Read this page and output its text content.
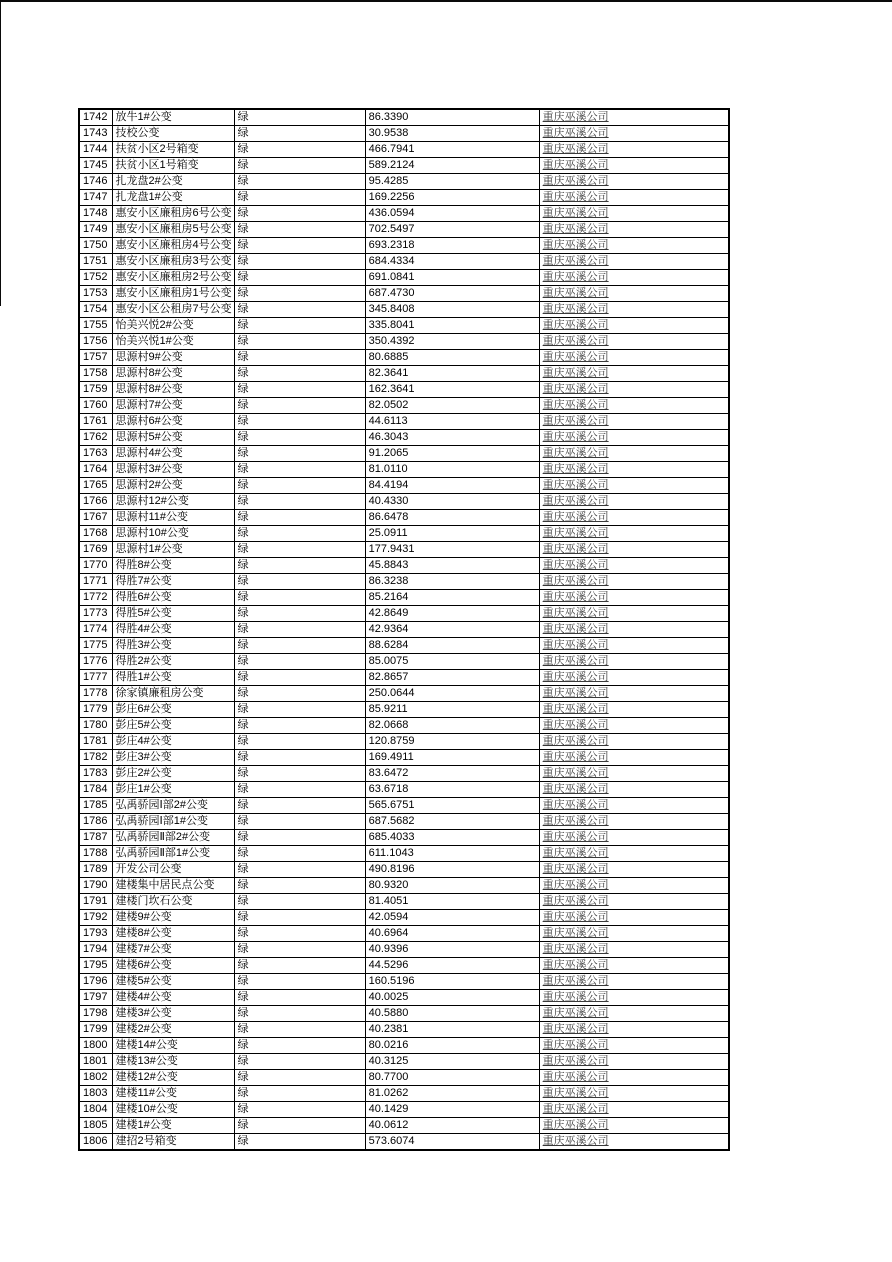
1742	放牛1#公变	绿	86.3390	重庆巫溪公司
1743	技校公变	绿	30.9538	重庆巫溪公司
1744	扶贫小区2号箱变	绿	466.7941	重庆巫溪公司
1745	扶贫小区1号箱变	绿	589.2124	重庆巫溪公司
1746	扎龙盘2#公变	绿	95.4285	重庆巫溪公司
1747	扎龙盘1#公变	绿	169.2256	重庆巫溪公司
1748	惠安小区廉租房6号公变	绿	436.0594	重庆巫溪公司
1749	惠安小区廉租房5号公变	绿	702.5497	重庆巫溪公司
1750	惠安小区廉租房4号公变	绿	693.2318	重庆巫溪公司
1751	惠安小区廉租房3号公变	绿	684.4334	重庆巫溪公司
1752	惠安小区廉租房2号公变	绿	691.0841	重庆巫溪公司
1753	惠安小区廉租房1号公变	绿	687.4730	重庆巫溪公司
1754	惠安小区公租房7号公变	绿	345.8408	重庆巫溪公司
1755	怡美兴悦2#公变	绿	335.8041	重庆巫溪公司
1756	怡美兴悦1#公变	绿	350.4392	重庆巫溪公司
1757	思源村9#公变	绿	80.6885	重庆巫溪公司
1758	思源村8#公变	绿	82.3641	重庆巫溪公司
1759	思源村8#公变	绿	162.3641	重庆巫溪公司
1760	思源村7#公变	绿	82.0502	重庆巫溪公司
1761	思源村6#公变	绿	44.6113	重庆巫溪公司
1762	思源村5#公变	绿	46.3043	重庆巫溪公司
1763	思源村4#公变	绿	91.2065	重庆巫溪公司
1764	思源村3#公变	绿	81.0110	重庆巫溪公司
1765	思源村2#公变	绿	84.4194	重庆巫溪公司
1766	思源村12#公变	绿	40.4330	重庆巫溪公司
1767	思源村11#公变	绿	86.6478	重庆巫溪公司
1768	思源村10#公变	绿	25.0911	重庆巫溪公司
1769	思源村1#公变	绿	177.9431	重庆巫溪公司
1770	得胜8#公变	绿	45.8843	重庆巫溪公司
1771	得胜7#公变	绿	86.3238	重庆巫溪公司
1772	得胜6#公变	绿	85.2164	重庆巫溪公司
1773	得胜5#公变	绿	42.8649	重庆巫溪公司
1774	得胜4#公变	绿	42.9364	重庆巫溪公司
1775	得胜3#公变	绿	88.6284	重庆巫溪公司
1776	得胜2#公变	绿	85.0075	重庆巫溪公司
1777	得胜1#公变	绿	82.8657	重庆巫溪公司
1778	徐家镇廉租房公变	绿	250.0644	重庆巫溪公司
1779	彭庄6#公变	绿	85.9211	重庆巫溪公司
1780	彭庄5#公变	绿	82.0668	重庆巫溪公司
1781	彭庄4#公变	绿	120.8759	重庆巫溪公司
1782	彭庄3#公变	绿	169.4911	重庆巫溪公司
1783	彭庄2#公变	绿	83.6472	重庆巫溪公司
1784	彭庄1#公变	绿	63.6718	重庆巫溪公司
1785	弘禹骄园Ⅰ部2#公变	绿	565.6751	重庆巫溪公司
1786	弘禹骄园Ⅰ部1#公变	绿	687.5682	重庆巫溪公司
1787	弘禹骄园Ⅱ部2#公变	绿	685.4033	重庆巫溪公司
1788	弘禹骄园Ⅱ部1#公变	绿	611.1043	重庆巫溪公司
1789	开发公司公变	绿	490.8196	重庆巫溪公司
1790	建楼集中居民点公变	绿	80.9320	重庆巫溪公司
1791	建楼门坎石公变	绿	81.4051	重庆巫溪公司
1792	建楼9#公变	绿	42.0594	重庆巫溪公司
1793	建楼8#公变	绿	40.6964	重庆巫溪公司
1794	建楼7#公变	绿	40.9396	重庆巫溪公司
1795	建楼6#公变	绿	44.5296	重庆巫溪公司
1796	建楼5#公变	绿	160.5196	重庆巫溪公司
1797	建楼4#公变	绿	40.0025	重庆巫溪公司
1798	建楼3#公变	绿	40.5880	重庆巫溪公司
1799	建楼2#公变	绿	40.2381	重庆巫溪公司
1800	建楼14#公变	绿	80.0216	重庆巫溪公司
1801	建楼13#公变	绿	40.3125	重庆巫溪公司
1802	建楼12#公变	绿	80.7700	重庆巫溪公司
1803	建楼11#公变	绿	81.0262	重庆巫溪公司
1804	建楼10#公变	绿	40.1429	重庆巫溪公司
1805	建楼1#公变	绿	40.0612	重庆巫溪公司
1806	建招2号箱变	绿	573.6074	重庆巫溪公司
